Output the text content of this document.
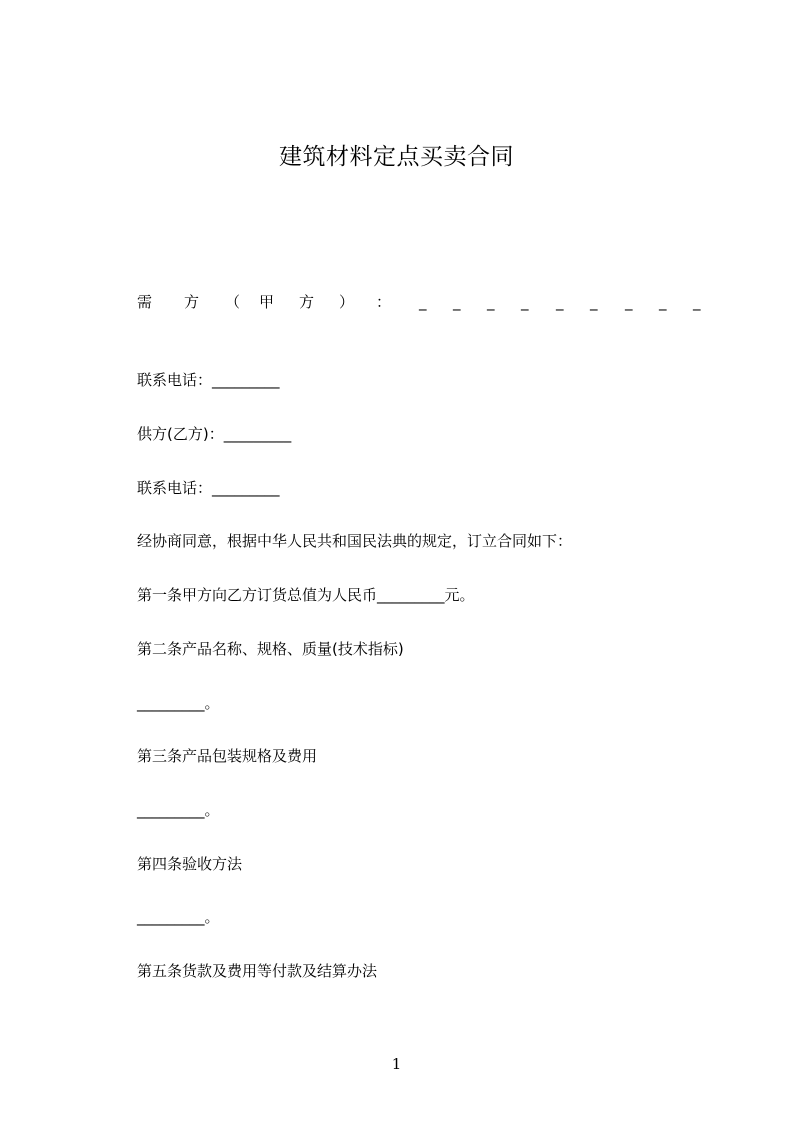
建筑材料定点买卖合同
需 方 （ 甲 方 ） ： _ _ _ _ _ _ _ _ _
联系电话：_________
供方(乙方)：_________
联系电话：_________
经协商同意，根据中华人民共和国民法典的规定，订立合同如下：
第一条甲方向乙方订货总值为人民币_________元。
第二条产品名称、规格、质量(技术指标)
_________。
第三条产品包装规格及费用
_________。
第四条验收方法
_________。
第五条货款及费用等付款及结算办法
1
